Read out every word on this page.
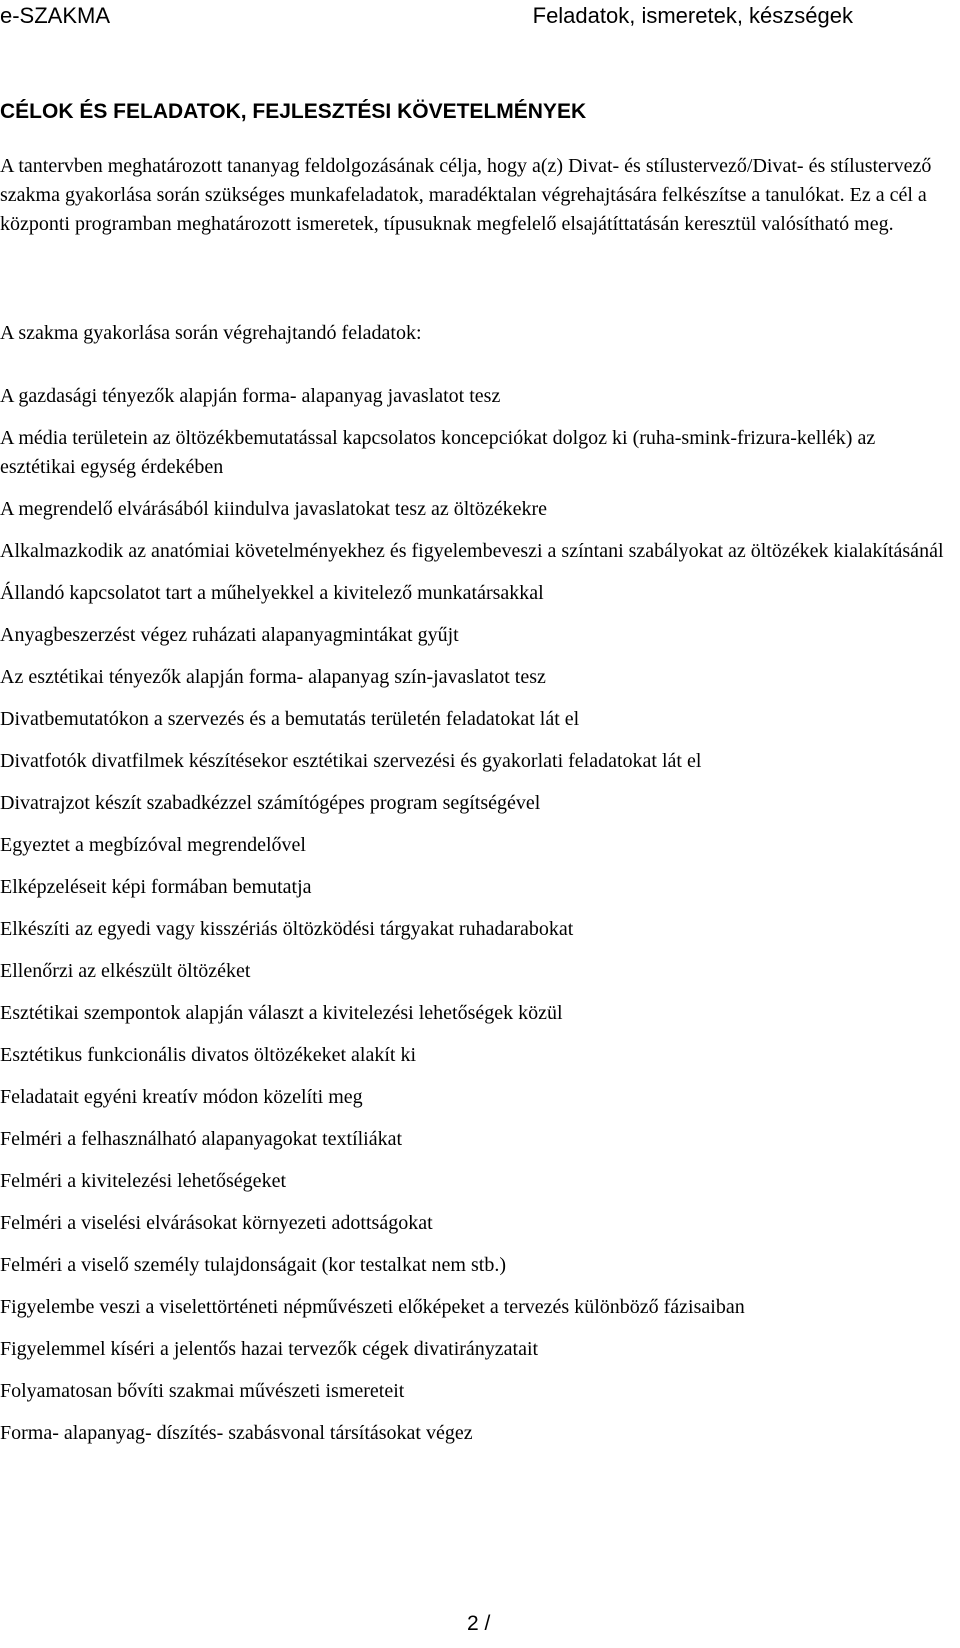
e-SZAKMA	Feladatok, ismeretek, készségek
CÉLOK ÉS FELADATOK, FEJLESZTÉSI KÖVETELMÉNYEK

A tantervben meghatározott tananyag feldolgozásának célja, hogy a(z) Divat- és stílustervező/Divat- és stílustervező szakma gyakorlása során szükséges munkafeladatok, maradéktalan végrehajtására felkészítse a tanulókat. Ez a cél a központi programban meghatározott ismeretek, típusuknak megfelelő elsajátíttatásán keresztül valósítható meg.

A szakma gyakorlása során végrehajtandó feladatok:

A gazdasági tényezők alapján forma- alapanyag javaslatot tesz
A média területein az öltözékbemutatással kapcsolatos koncepciókat dolgoz ki (ruha-smink-frizura-kellék) az esztétikai egység érdekében
A megrendelő elvárásából kiindulva javaslatokat tesz az öltözékekre
Alkalmazkodik az anatómiai követelményekhez és figyelembeveszi a színtani szabályokat az öltözékek kialakításánál
Állandó kapcsolatot tart a műhelyekkel a kivitelező munkatársakkal
Anyagbeszerzést végez ruházati alapanyagmintákat gyűjt
Az esztétikai tényezők alapján forma- alapanyag szín-javaslatot tesz
Divatbemutatókon a szervezés és a bemutatás területén feladatokat lát el
Divatfotók divatfilmek készítésekor esztétikai szervezési és gyakorlati feladatokat lát el
Divatrajzot készít szabadkézzel számítógépes program segítségével
Egyeztet a megbízóval megrendelővel
Elképzeléseit képi formában bemutatja
Elkészíti az egyedi vagy kisszériás öltözködési tárgyakat ruhadarabokat
Ellenőrzi az elkészült öltözéket
Esztétikai szempontok alapján választ a kivitelezési lehetőségek közül
Esztétikus funkcionális divatos öltözékeket alakít ki
Feladatait egyéni kreatív módon közelíti meg
Felméri a felhasználható alapanyagokat textíliákat
Felméri a kivitelezési lehetőségeket
Felméri a viselési elvárásokat környezeti adottságokat
Felméri a viselő személy tulajdonságait (kor testalkat nem stb.)
Figyelembe veszi a viselettörténeti népművészeti előképeket a tervezés különböző fázisaiban
Figyelemmel kíséri a jelentős hazai tervezők cégek divatirányzatait
Folyamatosan bővíti szakmai művészeti ismereteit
Forma- alapanyag- díszítés- szabásvonal társításokat végez
2 /
